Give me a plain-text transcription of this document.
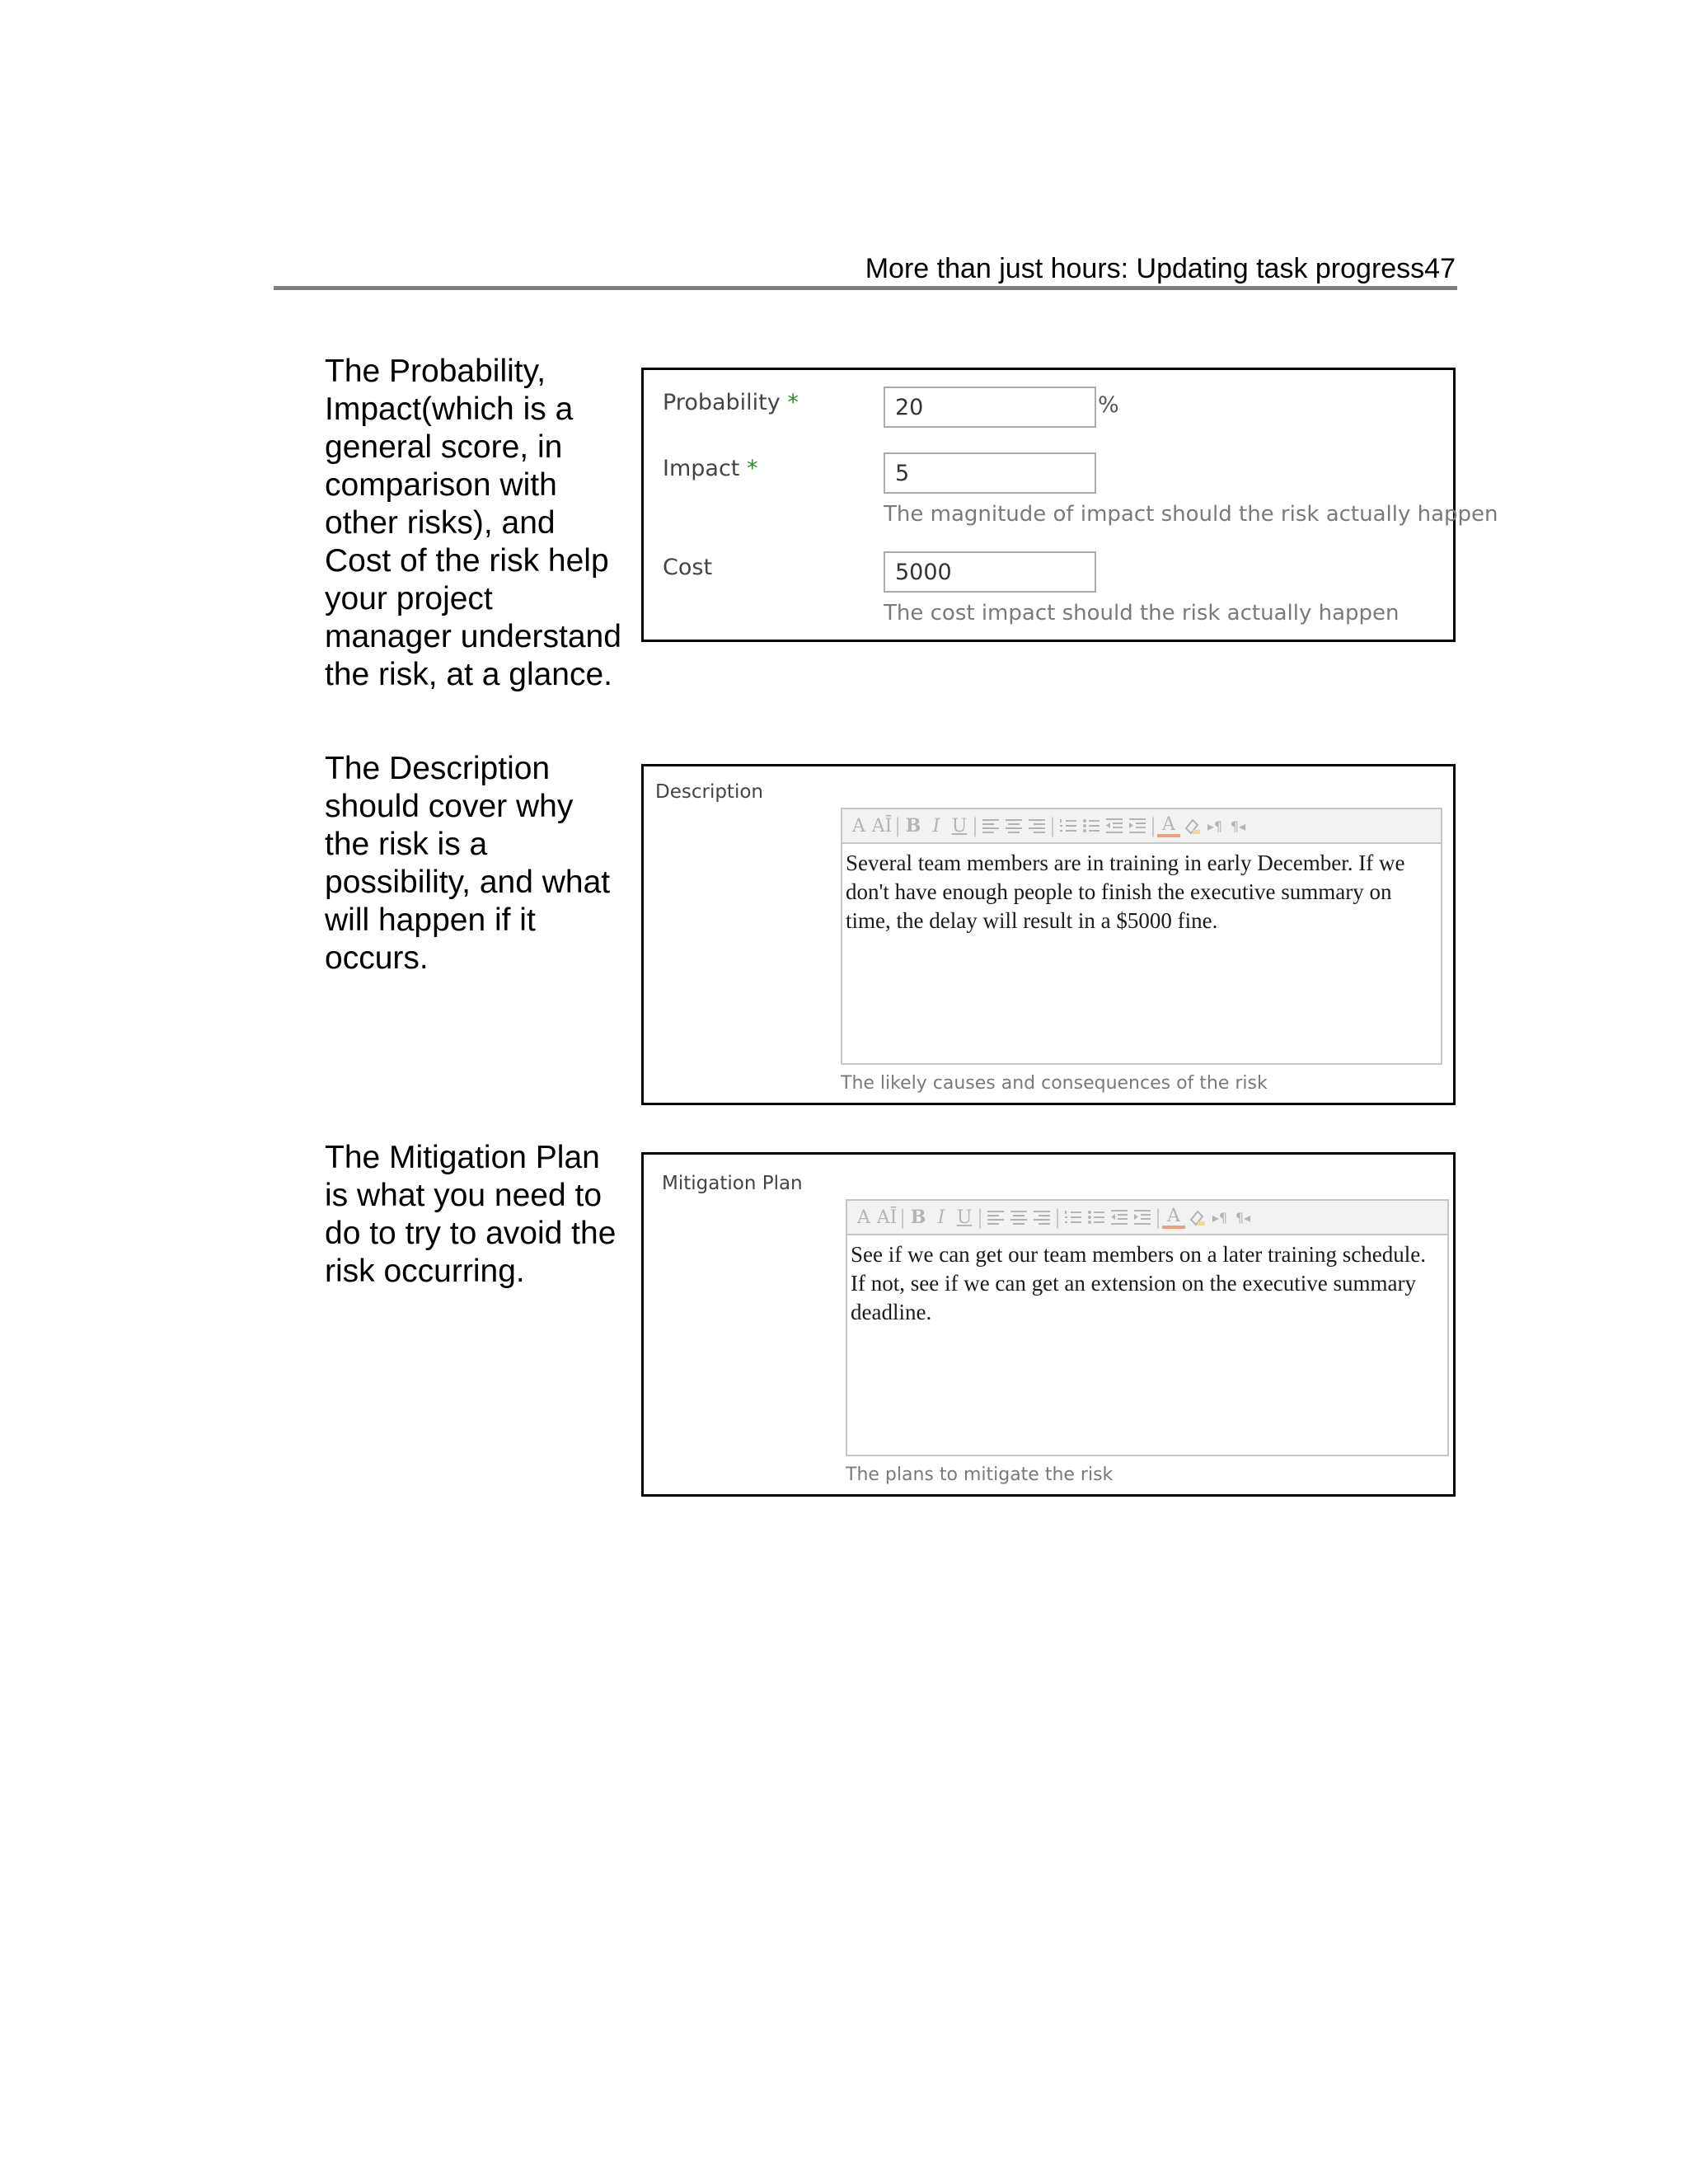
More than just hours: Updating task progress47
The Probability, Impact(which is a general score, in comparison with other risks), and Cost of the risk help your project manager understand the risk, at a glance.
The Description should cover why the risk is a possibility, and what will happen if it occurs.
The Mitigation Plan is what you need to do to try to avoid the risk occurring.
Probability *	20	%
Impact *	5
The magnitude of impact should the risk actually happen
Cost	5000
The cost impact should the risk actually happen
Description
A AĪ | B I U |	|	| A	▸¶ ¶◂
Several team members are in training in early December. If we don't have enough people to finish the executive summary on time, the delay will result in a $5000 fine.
The likely causes and consequences of the risk
Mitigation Plan
A AĪ | B I U |	|	| A	▸¶ ¶◂
See if we can get our team members on a later training schedule. If not, see if we can get an extension on the executive summary deadline.
The plans to mitigate the risk
